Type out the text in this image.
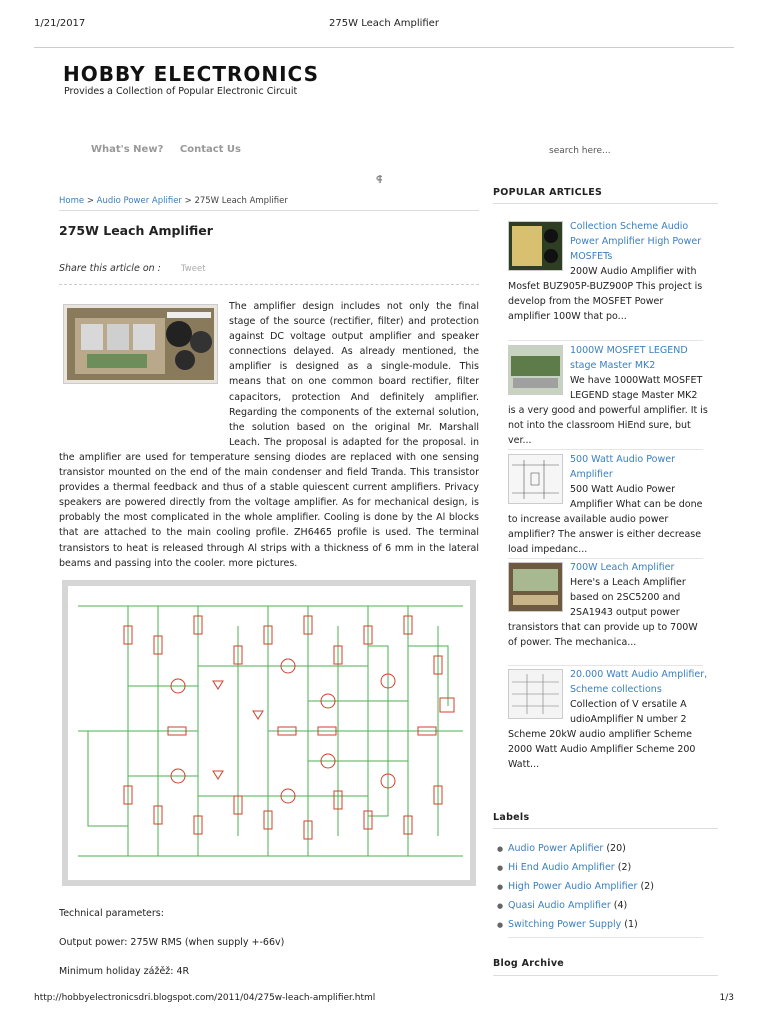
1/21/2017	275W Leach Amplifier
HOBBY ELECTRONICS
Provides a Collection of Popular Electronic Circuit
What's New? Contact Us	search here...
⸿
Home > Audio Power Aplifier > 275W Leach Amplifier
275W Leach Amplifier
Share this article on : Tweet
The amplifier design includes not only the final stage of the source (rectifier, filter) and protection against DC voltage output amplifier and speaker connections delayed. As already mentioned, the amplifier is designed as a single-module. This means that on one common board rectifier, filter capacitors, protection And definitely amplifier. Regarding the components of the external solution, the solution based on the original Mr. Marshall Leach. The proposal is adapted for the proposal. in the amplifier are used for temperature sensing diodes are replaced with one sensing transistor mounted on the end of the main condenser and field Tranda. This transistor provides a thermal feedback and thus of a stable quiescent current amplifiers. Privacy speakers are powered directly from the voltage amplifier. As for mechanical design, is probably the most complicated in the whole amplifier. Cooling is done by the Al blocks that are attached to the main cooling profile. ZH6465 profile is used. The terminal transistors to heat is released through Al strips with a thickness of 6 mm in the lateral beams and passing into the cooler. more pictures.
Technical parameters:
Output power: 275W RMS (when supply +-66v)
Minimum holiday zážěž: 4R
POPULAR ARTICLES
Collection Scheme Audio Power Amplifier High Power MOSFETs
200W Audio Amplifier with Mosfet BUZ905P-BUZ900P This project is develop from the MOSFET Power amplifier 100W that po...
1000W MOSFET LEGEND stage Master MK2
We have 1000Watt MOSFET LEGEND stage Master MK2 is a very good and powerful amplifier. It is not into the classroom HiEnd sure, but ver...
500 Watt Audio Power Amplifier
500 Watt Audio Power Amplifier What can be done to increase available audio power amplifier? The answer is either decrease load impedanc...
700W Leach Amplifier
Here's a Leach Amplifier based on 2SC5200 and 2SA1943 output power transistors that can provide up to 700W of power. The mechanica...
20.000 Watt Audio Amplifier, Scheme collections
Collection of V ersatile A udioAmplifier N umber 2 Scheme 20kW audio amplifier Scheme 2000 Watt Audio Amplifier Scheme 200 Watt...
Labels
● Audio Power Aplifier (20)
● Hi End Audio Amplifier (2)
● High Power Audio Amplifier (2)
● Quasi Audio Amplifier (4)
● Switching Power Supply (1)
Blog Archive
http://hobbyelectronicsdri.blogspot.com/2011/04/275w-leach-amplifier.html	1/3
